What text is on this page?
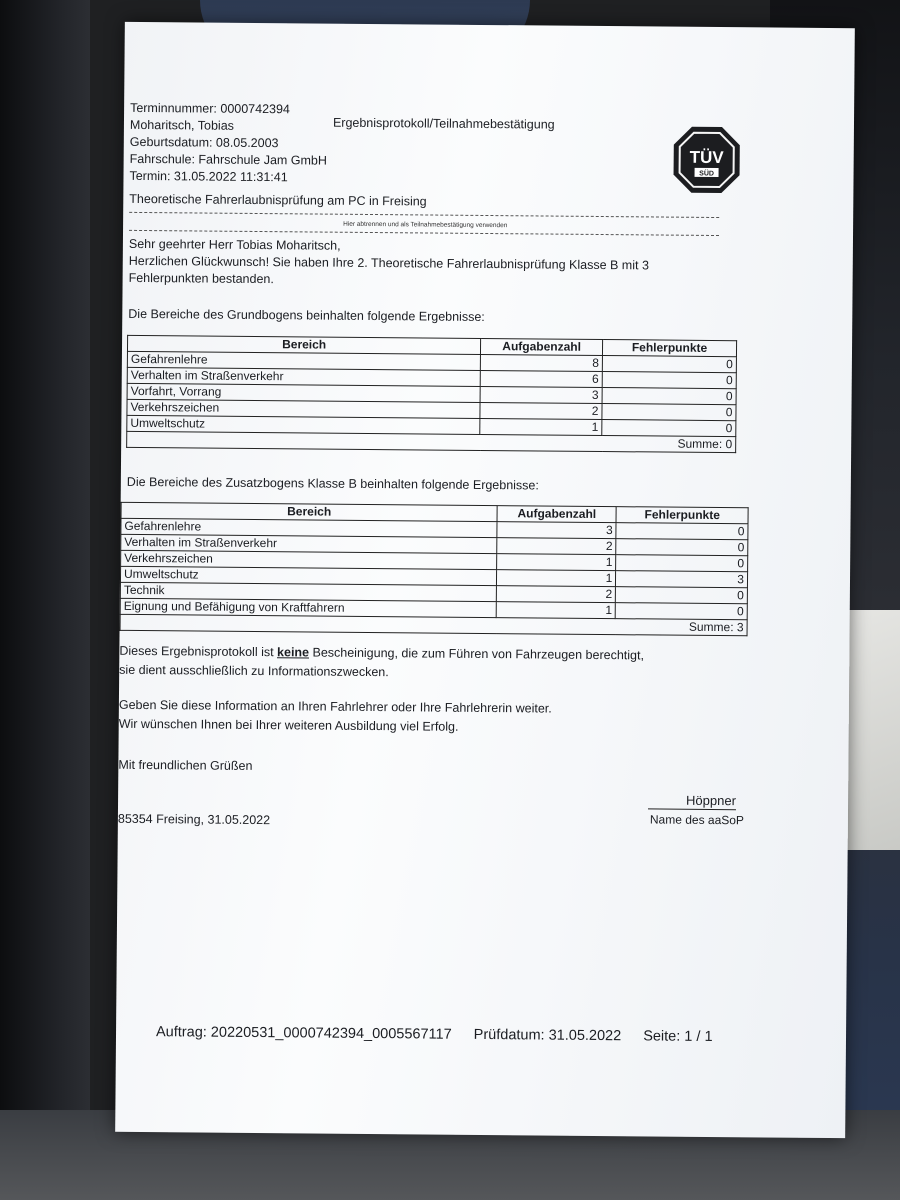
Terminnummer: 0000742394
Moharitsch, Tobias
Geburtsdatum: 08.05.2003
Fahrschule: Fahrschule Jam GmbH
Termin: 31.05.2022 11:31:41
Ergebnisprotokoll/Teilnahmebestätigung
TÜV
SÜD
Theoretische Fahrerlaubnisprüfung am PC in Freising
Hier abtrennen und als Teilnahmebestätigung verwenden
Sehr geehrter Herr Tobias Moharitsch,
Herzlichen Glückwunsch! Sie haben Ihre 2. Theoretische Fahrerlaubnisprüfung Klasse B mit 3 Fehlerpunkten bestanden.
Die Bereiche des Grundbogens beinhalten folgende Ergebnisse:
Bereich	Aufgabenzahl	Fehlerpunkte
Gefahrenlehre	8	0
Verhalten im Straßenverkehr	6	0
Vorfahrt, Vorrang	3	0
Verkehrszeichen	2	0
Umweltschutz	1	0
Summe: 0		
Die Bereiche des Zusatzbogens Klasse B beinhalten folgende Ergebnisse:
Bereich	Aufgabenzahl	Fehlerpunkte
Gefahrenlehre	3	0
Verhalten im Straßenverkehr	2	0
Verkehrszeichen	1	0
Umweltschutz	1	3
Technik	2	0
Eignung und Befähigung von Kraftfahrern	1	0
Summe: 3		
Dieses Ergebnisprotokoll ist keine Bescheinigung, die zum Führen von Fahrzeugen berechtigt,
sie dient ausschließlich zu Informationszwecken.
Geben Sie diese Information an Ihren Fahrlehrer oder Ihre Fahrlehrerin weiter.
Wir wünschen Ihnen bei Ihrer weiteren Ausbildung viel Erfolg.
Mit freundlichen Grüßen
Höppner
Name des aaSoP
85354 Freising, 31.05.2022
Auftrag: 20220531_0000742394_0005567117 Prüfdatum: 31.05.2022 Seite: 1 / 1
